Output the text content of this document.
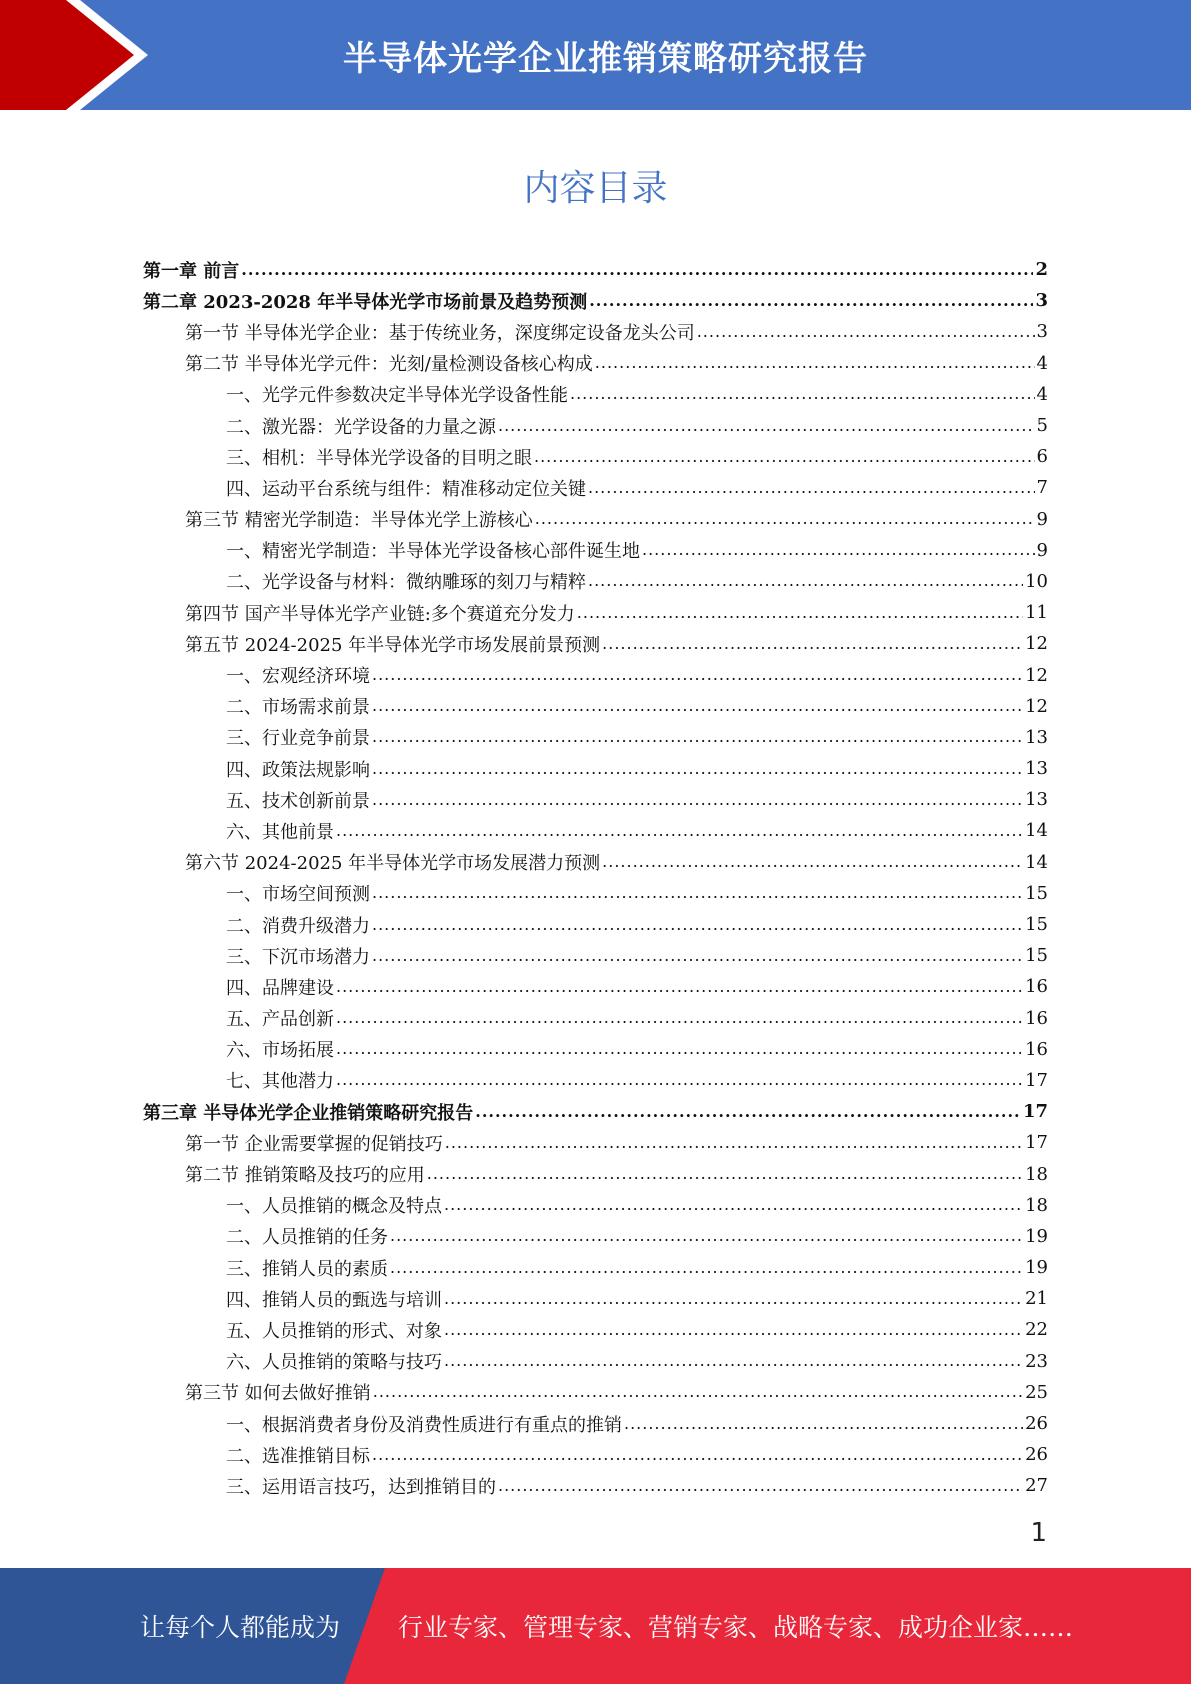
半导体光学企业推销策略研究报告
内容目录
第一章 前言 .....	2
第二章 2023-2028 年半导体光学市场前景及趋势预测 .....	3
第一节 半导体光学企业：基于传统业务，深度绑定设备龙头公司 .....	3
第二节 半导体光学元件：光刻/量检测设备核心构成 .....	4
一、光学元件参数决定半导体光学设备性能 .....	4
二、激光器：光学设备的力量之源 .....	5
三、相机：半导体光学设备的目明之眼 .....	6
四、运动平台系统与组件：精准移动定位关键 .....	7
第三节 精密光学制造：半导体光学上游核心 .....	9
一、精密光学制造：半导体光学设备核心部件诞生地 .....	9
二、光学设备与材料：微纳雕琢的刻刀与精粹 .....	10
第四节 国产半导体光学产业链:多个赛道充分发力 .....	11
第五节 2024-2025 年半导体光学市场发展前景预测 .....	12
一、宏观经济环境 .....	12
二、市场需求前景 .....	12
三、行业竞争前景 .....	13
四、政策法规影响 .....	13
五、技术创新前景 .....	13
六、其他前景 .....	14
第六节 2024-2025 年半导体光学市场发展潜力预测 .....	14
一、市场空间预测 .....	15
二、消费升级潜力 .....	15
三、下沉市场潜力 .....	15
四、品牌建设 .....	16
五、产品创新 .....	16
六、市场拓展 .....	16
七、其他潜力 .....	17
第三章 半导体光学企业推销策略研究报告 .....	17
第一节 企业需要掌握的促销技巧 .....	17
第二节 推销策略及技巧的应用 .....	18
一、人员推销的概念及特点 .....	18
二、人员推销的任务 .....	19
三、推销人员的素质 .....	19
四、推销人员的甄选与培训 .....	21
五、人员推销的形式、对象 .....	22
六、人员推销的策略与技巧 .....	23
第三节 如何去做好推销 .....	25
一、根据消费者身份及消费性质进行有重点的推销 .....	26
二、选准推销目标 .....	26
三、运用语言技巧，达到推销目的 .....	27
1
让每个人都能成为 行业专家、管理专家、营销专家、战略专家、成功企业家……
